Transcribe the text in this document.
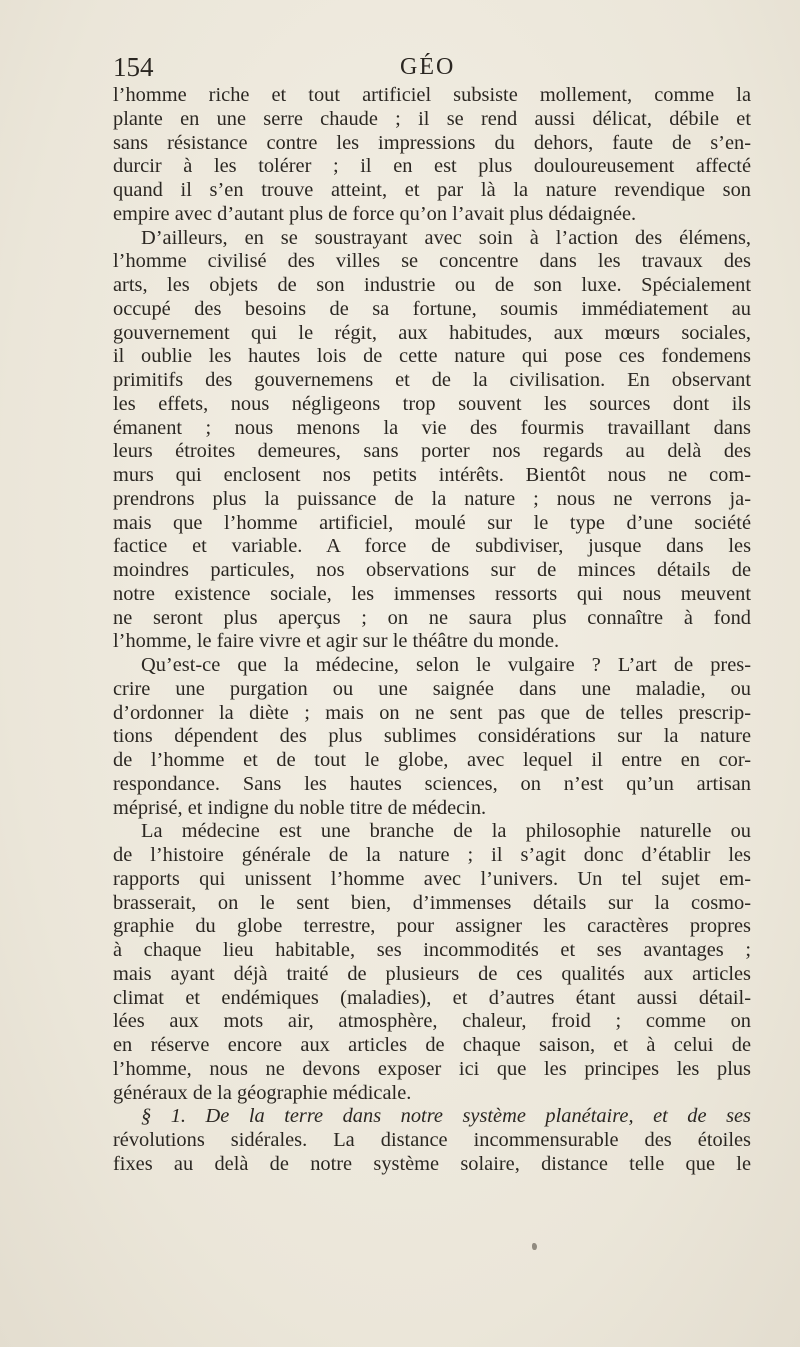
154	GÉO
l’homme riche et tout artificiel subsiste mollement, comme la
plante en une serre chaude ; il se rend aussi délicat, débile et
sans résistance contre les impressions du dehors, faute de s’en-
durcir à les tolérer ; il en est plus douloureusement affecté
quand il s’en trouve atteint, et par là la nature revendique son
empire avec d’autant plus de force qu’on l’avait plus dédaignée.
D’ailleurs, en se soustrayant avec soin à l’action des élémens,
l’homme civilisé des villes se concentre dans les travaux des
arts, les objets de son industrie ou de son luxe. Spécialement
occupé des besoins de sa fortune, soumis immédiatement au
gouvernement qui le régit, aux habitudes, aux mœurs sociales,
il oublie les hautes lois de cette nature qui pose ces fondemens
primitifs des gouvernemens et de la civilisation. En observant
les effets, nous négligeons trop souvent les sources dont ils
émanent ; nous menons la vie des fourmis travaillant dans
leurs étroites demeures, sans porter nos regards au delà des
murs qui enclosent nos petits intérêts. Bientôt nous ne com-
prendrons plus la puissance de la nature ; nous ne verrons ja-
mais que l’homme artificiel, moulé sur le type d’une société
factice et variable. A force de subdiviser, jusque dans les
moindres particules, nos observations sur de minces détails de
notre existence sociale, les immenses ressorts qui nous meuvent
ne seront plus aperçus ; on ne saura plus connaître à fond
l’homme, le faire vivre et agir sur le théâtre du monde.
Qu’est-ce que la médecine, selon le vulgaire ? L’art de pres-
crire une purgation ou une saignée dans une maladie, ou
d’ordonner la diète ; mais on ne sent pas que de telles prescrip-
tions dépendent des plus sublimes considérations sur la nature
de l’homme et de tout le globe, avec lequel il entre en cor-
respondance. Sans les hautes sciences, on n’est qu’un artisan
méprisé, et indigne du noble titre de médecin.
La médecine est une branche de la philosophie naturelle ou
de l’histoire générale de la nature ; il s’agit donc d’établir les
rapports qui unissent l’homme avec l’univers. Un tel sujet em-
brasserait, on le sent bien, d’immenses détails sur la cosmo-
graphie du globe terrestre, pour assigner les caractères propres
à chaque lieu habitable, ses incommodités et ses avantages ;
mais ayant déjà traité de plusieurs de ces qualités aux articles
climat et endémiques (maladies), et d’autres étant aussi détail-
lées aux mots air, atmosphère, chaleur, froid ; comme on
en réserve encore aux articles de chaque saison, et à celui de
l’homme, nous ne devons exposer ici que les principes les plus
généraux de la géographie médicale.
§ 1. De la terre dans notre système planétaire, et de ses
révolutions sidérales. La distance incommensurable des étoiles
fixes au delà de notre système solaire, distance telle que le
